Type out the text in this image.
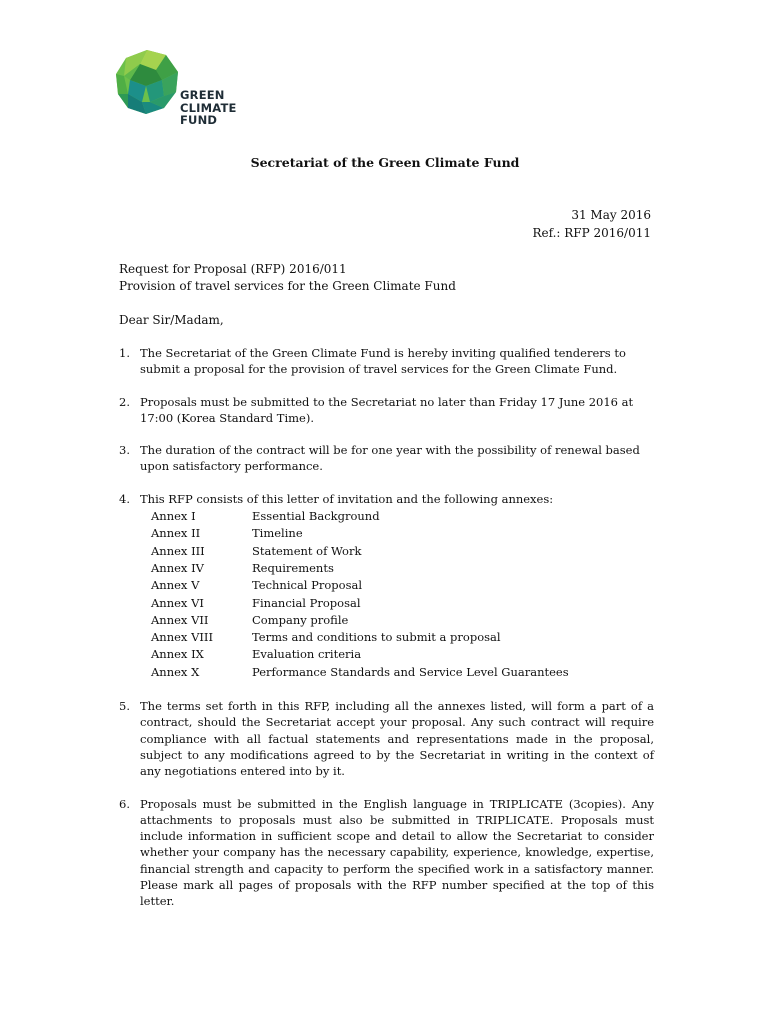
GREEN
CLIMATE
FUND
Secretariat of the Green Climate Fund
31 May 2016
Ref.: RFP 2016/011
Request for Proposal (RFP) 2016/011
Provision of travel services for the Green Climate Fund
Dear Sir/Madam,
1. The Secretariat of the Green Climate Fund is hereby inviting qualified tenderers to submit a proposal for the provision of travel services for the Green Climate Fund.
2. Proposals must be submitted to the Secretariat no later than Friday 17 June 2016 at 17:00 (Korea Standard Time).
3. The duration of the contract will be for one year with the possibility of renewal based upon satisfactory performance.
4. This RFP consists of this letter of invitation and the following annexes:
Annex I	Essential Background
Annex II	Timeline
Annex III	Statement of Work
Annex IV	Requirements
Annex V	Technical Proposal
Annex VI	Financial Proposal
Annex VII	Company profile
Annex VIII	Terms and conditions to submit a proposal
Annex IX	Evaluation criteria
Annex X	Performance Standards and Service Level Guarantees
5. The terms set forth in this RFP, including all the annexes listed, will form a part of a contract, should the Secretariat accept your proposal. Any such contract will require compliance with all factual statements and representations made in the proposal, subject to any modifications agreed to by the Secretariat in writing in the context of any negotiations entered into by it.
6. Proposals must be submitted in the English language in TRIPLICATE (3copies). Any attachments to proposals must also be submitted in TRIPLICATE. Proposals must include information in sufficient scope and detail to allow the Secretariat to consider whether your company has the necessary capability, experience, knowledge, expertise, financial strength and capacity to perform the specified work in a satisfactory manner. Please mark all pages of proposals with the RFP number specified at the top of this letter.
